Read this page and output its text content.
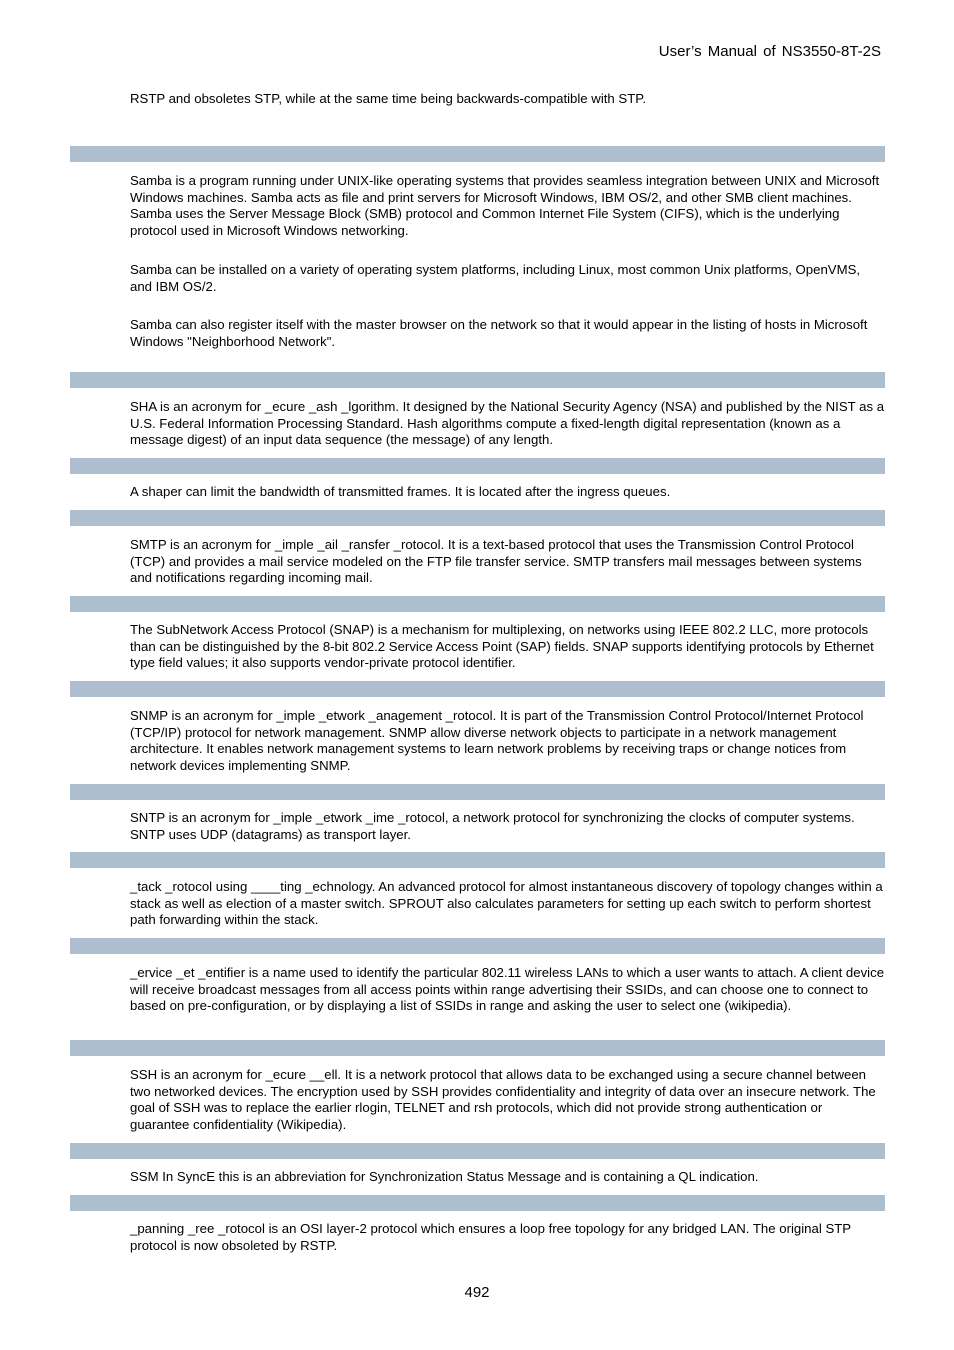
User’s Manual of NS3550-8T-2S

RSTP and obsoletes STP, while at the same time being backwards-compatible with STP.

Samba is a program running under UNIX-like operating systems that provides seamless integration between UNIX and Microsoft Windows machines. Samba acts as file and print servers for Microsoft Windows, IBM OS/2, and other SMB client machines. Samba uses the Server Message Block (SMB) protocol and Common Internet File System (CIFS), which is the underlying protocol used in Microsoft Windows networking.

Samba can be installed on a variety of operating system platforms, including Linux, most common Unix platforms, OpenVMS, and IBM OS/2.

Samba can also register itself with the master browser on the network so that it would appear in the listing of hosts in Microsoft Windows "Neighborhood Network".

SHA is an acronym for _ecure _ash _lgorithm. It designed by the National Security Agency (NSA) and published by the NIST as a U.S. Federal Information Processing Standard. Hash algorithms compute a fixed-length digital representation (known as a message digest) of an input data sequence (the message) of any length.

A shaper can limit the bandwidth of transmitted frames. It is located after the ingress queues.

SMTP is an acronym for _imple _ail _ransfer _rotocol. It is a text-based protocol that uses the Transmission Control Protocol (TCP) and provides a mail service modeled on the FTP file transfer service. SMTP transfers mail messages between systems and notifications regarding incoming mail.

The SubNetwork Access Protocol (SNAP) is a mechanism for multiplexing, on networks using IEEE 802.2 LLC, more protocols than can be distinguished by the 8-bit 802.2 Service Access Point (SAP) fields. SNAP supports identifying protocols by Ethernet type field values; it also supports vendor-private protocol identifier.

SNMP is an acronym for _imple _etwork _anagement _rotocol. It is part of the Transmission Control Protocol/Internet Protocol (TCP/IP) protocol for network management. SNMP allow diverse network objects to participate in a network management architecture. It enables network management systems to learn network problems by receiving traps or change notices from network devices implementing SNMP.

SNTP is an acronym for _imple _etwork _ime _rotocol, a network protocol for synchronizing the clocks of computer systems. SNTP uses UDP (datagrams) as transport layer.

_tack _rotocol using ____ting _echnology. An advanced protocol for almost instantaneous discovery of topology changes within a stack as well as election of a master switch. SPROUT also calculates parameters for setting up each switch to perform shortest path forwarding within the stack.

_ervice _et _entifier is a name used to identify the particular 802.11 wireless LANs to which a user wants to attach. A client device will receive broadcast messages from all access points within range advertising their SSIDs, and can choose one to connect to based on pre-configuration, or by displaying a list of SSIDs in range and asking the user to select one (wikipedia).

SSH is an acronym for _ecure __ell. It is a network protocol that allows data to be exchanged using a secure channel between two networked devices. The encryption used by SSH provides confidentiality and integrity of data over an insecure network. The goal of SSH was to replace the earlier rlogin, TELNET and rsh protocols, which did not provide strong authentication or guarantee confidentiality (Wikipedia).

SSM In SyncE this is an abbreviation for Synchronization Status Message and is containing a QL indication.

_panning _ree _rotocol is an OSI layer-2 protocol which ensures a loop free topology for any bridged LAN. The original STP protocol is now obsoleted by RSTP.

492
